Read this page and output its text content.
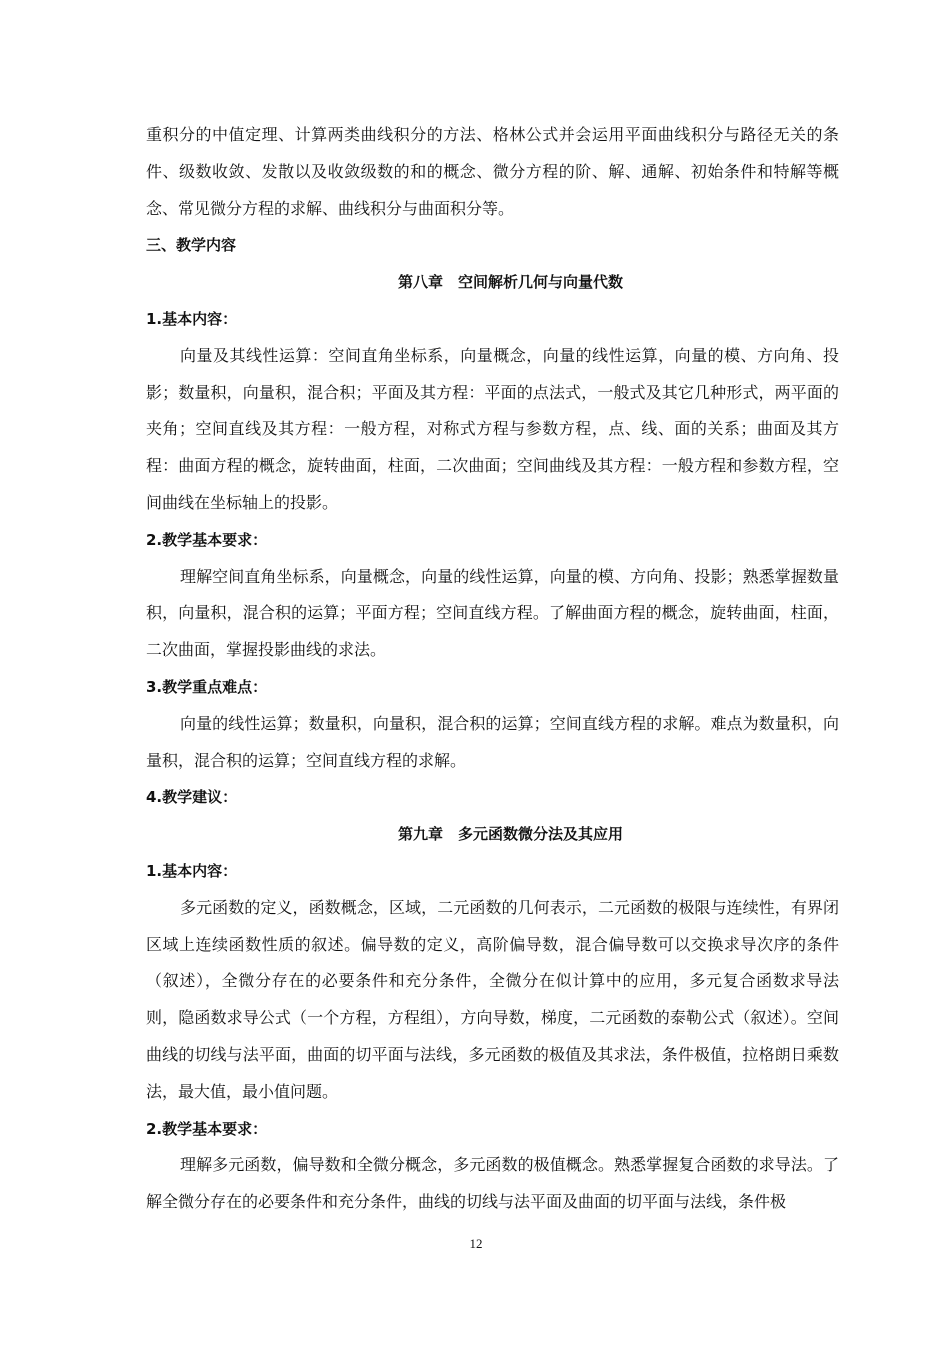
重积分的中值定理、计算两类曲线积分的方法、格林公式并会运用平面曲线积分与路径无关的条件、级数收敛、发散以及收敛级数的和的概念、微分方程的阶、解、通解、初始条件和特解等概念、常见微分方程的求解、曲线积分与曲面积分等。

三、教学内容

第八章　空间解析几何与向量代数

1.基本内容：

向量及其线性运算：空间直角坐标系，向量概念，向量的线性运算，向量的模、方向角、投影；数量积，向量积，混合积；平面及其方程：平面的点法式，一般式及其它几种形式，两平面的夹角；空间直线及其方程：一般方程，对称式方程与参数方程，点、线、面的关系；曲面及其方程：曲面方程的概念，旋转曲面，柱面，二次曲面；空间曲线及其方程：一般方程和参数方程，空间曲线在坐标轴上的投影。

2.教学基本要求：

理解空间直角坐标系，向量概念，向量的线性运算，向量的模、方向角、投影；熟悉掌握数量积，向量积，混合积的运算；平面方程；空间直线方程。了解曲面方程的概念，旋转曲面，柱面，二次曲面，掌握投影曲线的求法。

3.教学重点难点：

向量的线性运算；数量积，向量积，混合积的运算；空间直线方程的求解。难点为数量积，向量积，混合积的运算；空间直线方程的求解。

4.教学建议：

第九章　多元函数微分法及其应用

1.基本内容：

多元函数的定义，函数概念，区域，二元函数的几何表示，二元函数的极限与连续性，有界闭区域上连续函数性质的叙述。偏导数的定义，高阶偏导数，混合偏导数可以交换求导次序的条件（叙述），全微分存在的必要条件和充分条件，全微分在似计算中的应用，多元复合函数求导法则，隐函数求导公式（一个方程，方程组），方向导数，梯度，二元函数的泰勒公式（叙述）。空间曲线的切线与法平面，曲面的切平面与法线，多元函数的极值及其求法，条件极值，拉格朗日乘数法，最大值，最小值问题。

2.教学基本要求：

理解多元函数，偏导数和全微分概念，多元函数的极值概念。熟悉掌握复合函数的求导法。了解全微分存在的必要条件和充分条件，曲线的切线与法平面及曲面的切平面与法线，条件极

12
